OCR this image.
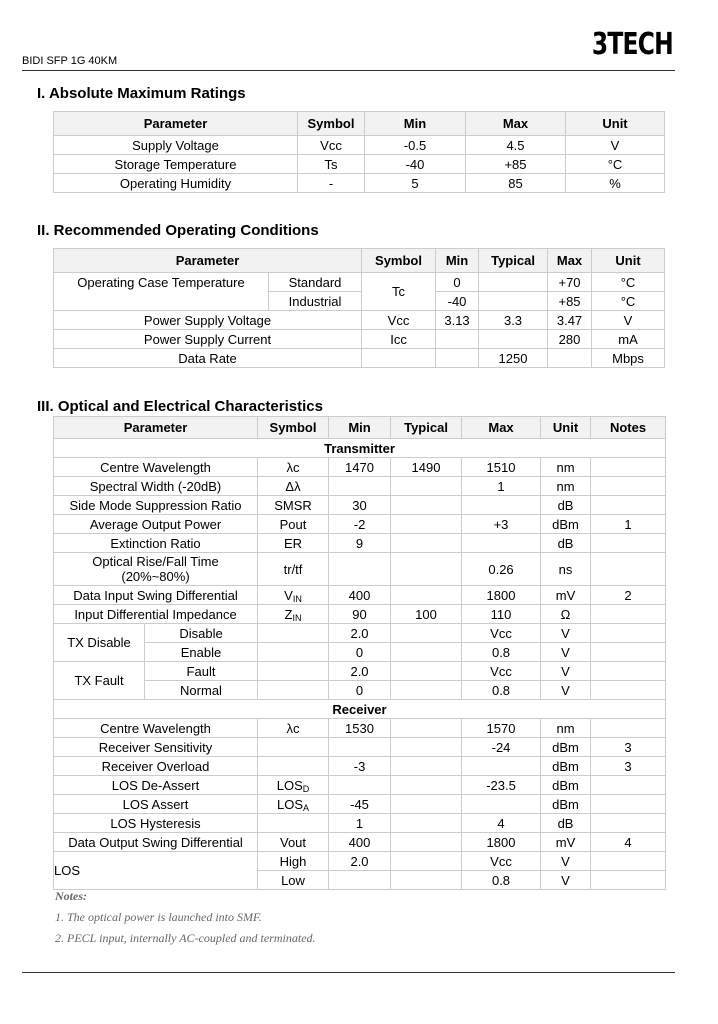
BIDI SFP 1G 40KM	3TECH
I. Absolute Maximum Ratings
Parameter	Symbol	Min	Max	Unit
Supply Voltage	Vcc	-0.5	4.5	V
Storage Temperature	Ts	-40	+85	°C
Operating Humidity	-	5	85	%
II. Recommended Operating Conditions
Parameter		Symbol	Min	Typical	Max	Unit
Operating Case Temperature	Standard	Tc	0		+70	°C
	Industrial		-40		+85	°C
Power Supply Voltage		Vcc	3.13	3.3	3.47	V
Power Supply Current		Icc			280	mA
Data Rate				1250		Mbps
III. Optical and Electrical Characteristics
Parameter		Symbol	Min	Typical	Max	Unit	Notes
Transmitter							
Centre Wavelength		λc	1470	1490	1510	nm	
Spectral Width (-20dB)		Δλ			1	nm	
Side Mode Suppression Ratio		SMSR	30			dB	
Average Output Power		Pout	-2		+3	dBm	1
Extinction Ratio		ER	9			dB	
Optical Rise/Fall Time
(20%~80%)		tr/tf			0.26	ns	
Data Input Swing Differential		$V_{IN}$	400		1800	mV	2
Input Differential Impedance		$Z_{IN}$	90	100	110	Ω	
TX Disable	Disable		2.0		Vcc	V	
	Enable		0		0.8	V	
TX Fault	Fault		2.0		Vcc	V	
	Normal		0		0.8	V	
Receiver							
Centre Wavelength		λc	1530		1570	nm	
Receiver Sensitivity					-24	dBm	3
Receiver Overload			-3			dBm	3
LOS De-Assert		$LOS_D$			-23.5	dBm	
LOS Assert		$LOS_A$	-45			dBm	
LOS Hysteresis			1		4	dB	
Data Output Swing Differential		Vout	400		1800	mV	4
LOS		High	2.0		Vcc	V	
		Low			0.8	V	
Notes:
1. The optical power is launched into SMF.
2. PECL input, internally AC-coupled and terminated.
